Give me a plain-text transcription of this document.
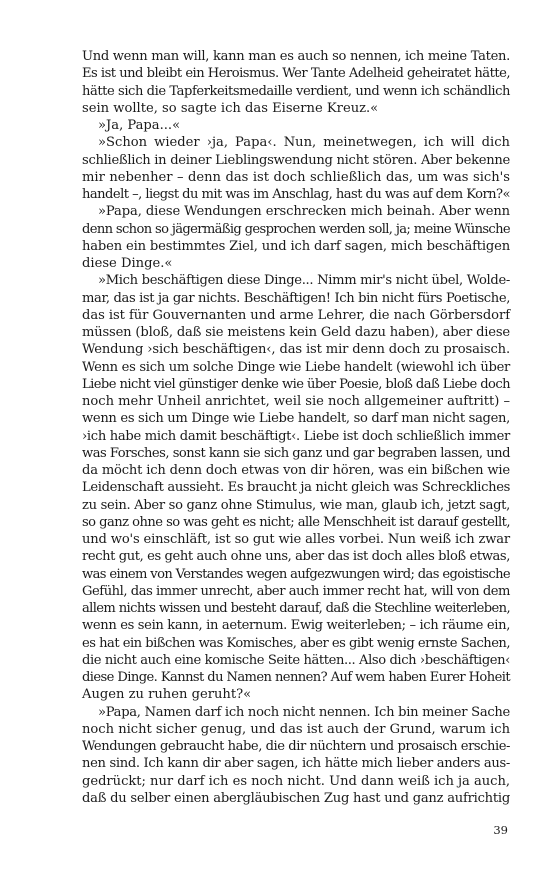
Und wenn man will, kann man es auch so nennen, ich meine Taten.
Es ist und bleibt ein Heroismus. Wer Tante Adelheid geheiratet hätte,
hätte sich die Tapferkeitsmedaille verdient, und wenn ich schändlich
sein wollte, so sagte ich das Eiserne Kreuz.«
»Ja, Papa...«
»Schon wieder ›ja, Papa‹. Nun, meinetwegen, ich will dich
schließlich in deiner Lieblingswendung nicht stören. Aber bekenne
mir nebenher – denn das ist doch schließlich das, um was sich's
handelt –, liegst du mit was im Anschlag, hast du was auf dem Korn?«
»Papa, diese Wendungen erschrecken mich beinah. Aber wenn
denn schon so jägermäßig gesprochen werden soll, ja; meine Wünsche
haben ein bestimmtes Ziel, und ich darf sagen, mich beschäftigen
diese Dinge.«
»Mich beschäftigen diese Dinge... Nimm mir's nicht übel, Wolde-
mar, das ist ja gar nichts. Beschäftigen! Ich bin nicht fürs Poetische,
das ist für Gouvernanten und arme Lehrer, die nach Görbersdorf
müssen (bloß, daß sie meistens kein Geld dazu haben), aber diese
Wendung ›sich beschäftigen‹, das ist mir denn doch zu prosaisch.
Wenn es sich um solche Dinge wie Liebe handelt (wiewohl ich über
Liebe nicht viel günstiger denke wie über Poesie, bloß daß Liebe doch
noch mehr Unheil anrichtet, weil sie noch allgemeiner auftritt) –
wenn es sich um Dinge wie Liebe handelt, so darf man nicht sagen,
›ich habe mich damit beschäftigt‹. Liebe ist doch schließlich immer
was Forsches, sonst kann sie sich ganz und gar begraben lassen, und
da möcht ich denn doch etwas von dir hören, was ein bißchen wie
Leidenschaft aussieht. Es braucht ja nicht gleich was Schreckliches
zu sein. Aber so ganz ohne Stimulus, wie man, glaub ich, jetzt sagt,
so ganz ohne so was geht es nicht; alle Menschheit ist darauf gestellt,
und wo's einschläft, ist so gut wie alles vorbei. Nun weiß ich zwar
recht gut, es geht auch ohne uns, aber das ist doch alles bloß etwas,
was einem von Verstandes wegen aufgezwungen wird; das egoistische
Gefühl, das immer unrecht, aber auch immer recht hat, will von dem
allem nichts wissen und besteht darauf, daß die Stechline weiterleben,
wenn es sein kann, in aeternum. Ewig weiterleben; – ich räume ein,
es hat ein bißchen was Komisches, aber es gibt wenig ernste Sachen,
die nicht auch eine komische Seite hätten... Also dich ›beschäftigen‹
diese Dinge. Kannst du Namen nennen? Auf wem haben Eurer Hoheit
Augen zu ruhen geruht?«
»Papa, Namen darf ich noch nicht nennen. Ich bin meiner Sache
noch nicht sicher genug, und das ist auch der Grund, warum ich
Wendungen gebraucht habe, die dir nüchtern und prosaisch erschie-
nen sind. Ich kann dir aber sagen, ich hätte mich lieber anders aus-
gedrückt; nur darf ich es noch nicht. Und dann weiß ich ja auch,
daß du selber einen abergläubischen Zug hast und ganz aufrichtig
39
